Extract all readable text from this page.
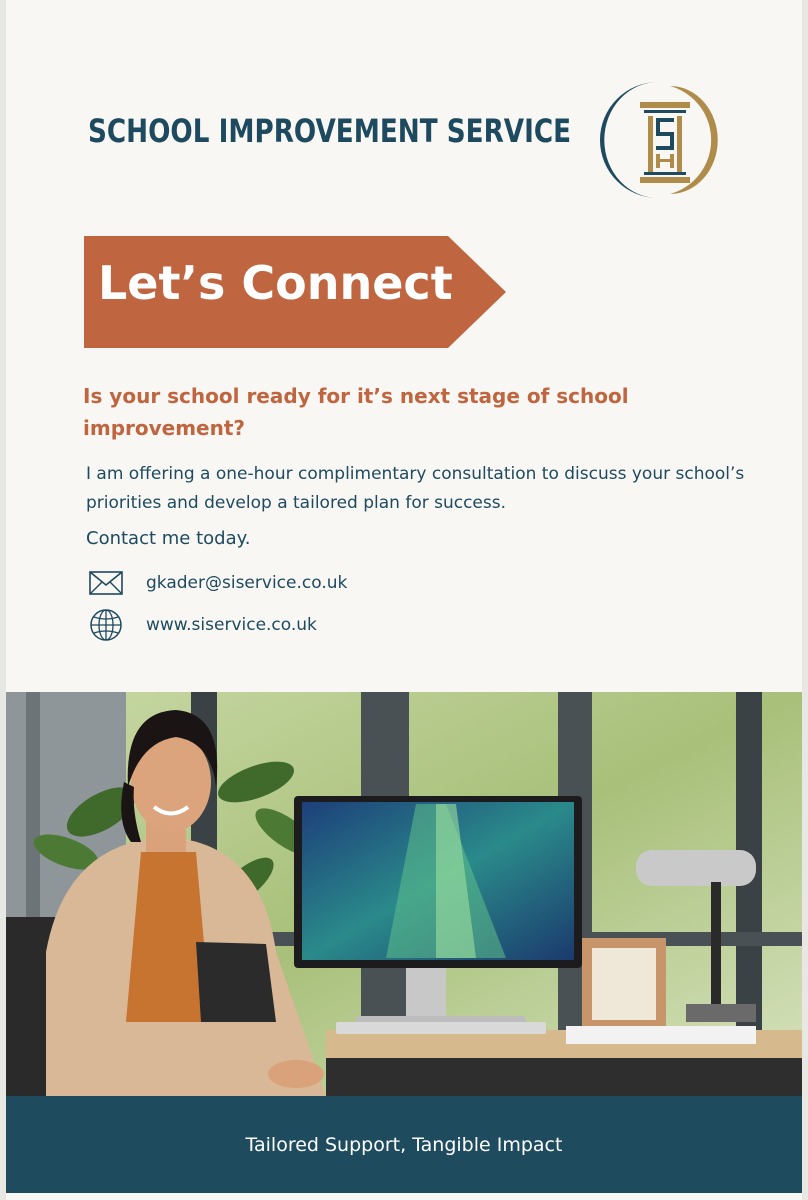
SCHOOL IMPROVEMENT SERVICE
Let’s Connect
Is your school ready for it’s next stage of school improvement?
I am offering a one-hour complimentary consultation to discuss your school’s priorities and develop a tailored plan for success.
Contact me today.
gkader@siservice.co.uk
www.siservice.co.uk
Tailored Support, Tangible Impact
